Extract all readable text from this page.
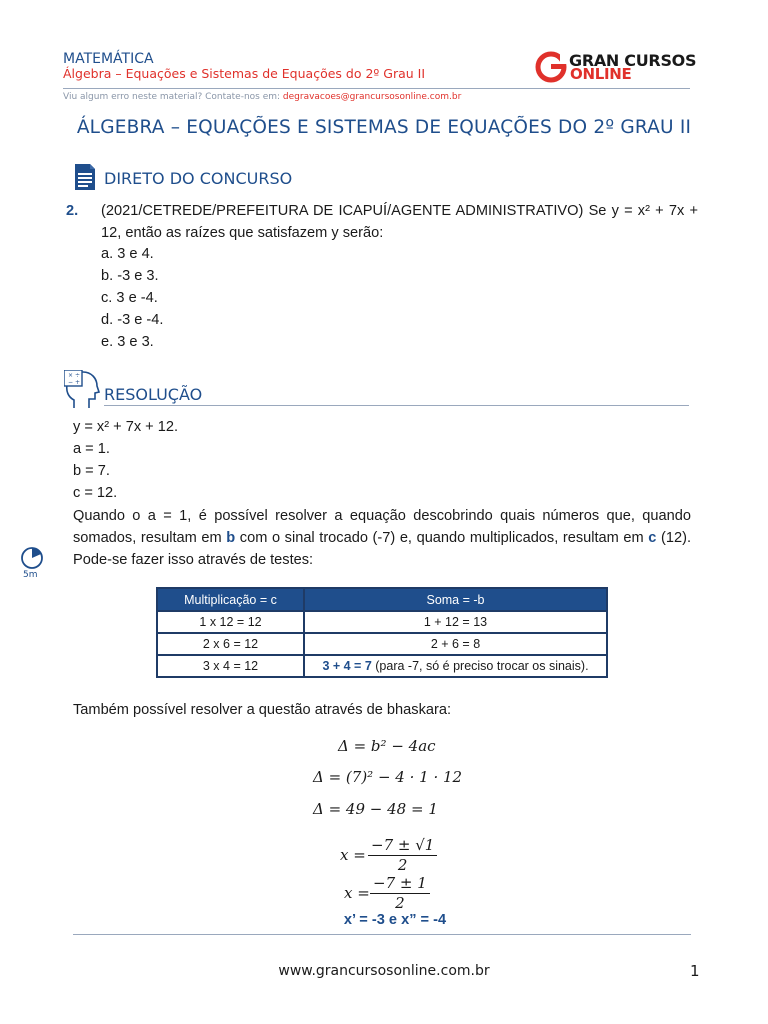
MATEMÁTICA
Álgebra – Equações e Sistemas de Equações do 2º Grau II
Viu algum erro neste material? Contate-nos em: degravacoes@grancursosonline.com.br
GRAN CURSOS
ONLINE
ÁLGEBRA – EQUAÇÕES E SISTEMAS DE EQUAÇÕES DO 2º GRAU II
DIRETO DO CONCURSO
2. (2021/CETREDE/PREFEITURA DE ICAPUÍ/AGENTE ADMINISTRATIVO) Se y = x² + 7x + 12, então as raízes que satisfazem y serão:
a. 3 e 4.
b. -3 e 3.
c. 3 e -4.
d. -3 e -4.
e. 3 e 3.
× ÷
− +
RESOLUÇÃO
y = x² + 7x + 12.
a = 1.
b = 7.
c = 12.
Quando o a = 1, é possível resolver a equação descobrindo quais números que, quando somados, resultam em b com o sinal trocado (-7) e, quando multiplicados, resultam em c (12). Pode-se fazer isso através de testes:
5m
Multiplicação = c	Soma = -b
1 x 12 = 12	1 + 12 = 13
2 x 6 = 12	2 + 6 = 8
3 x 4 = 12	3 + 4 = 7 (para -7, só é preciso trocar os sinais).
Também possível resolver a questão através de bhaskara:
Δ = b² − 4ac
Δ = (7)² − 4 · 1 · 12
Δ = 49 − 48 = 1
$x = \frac{-7 \pm √1}{2}$
$x = \frac{-7 \pm 1}{2}$
x’ = -3 e x” = -4
www.grancursosonline.com.br	1
